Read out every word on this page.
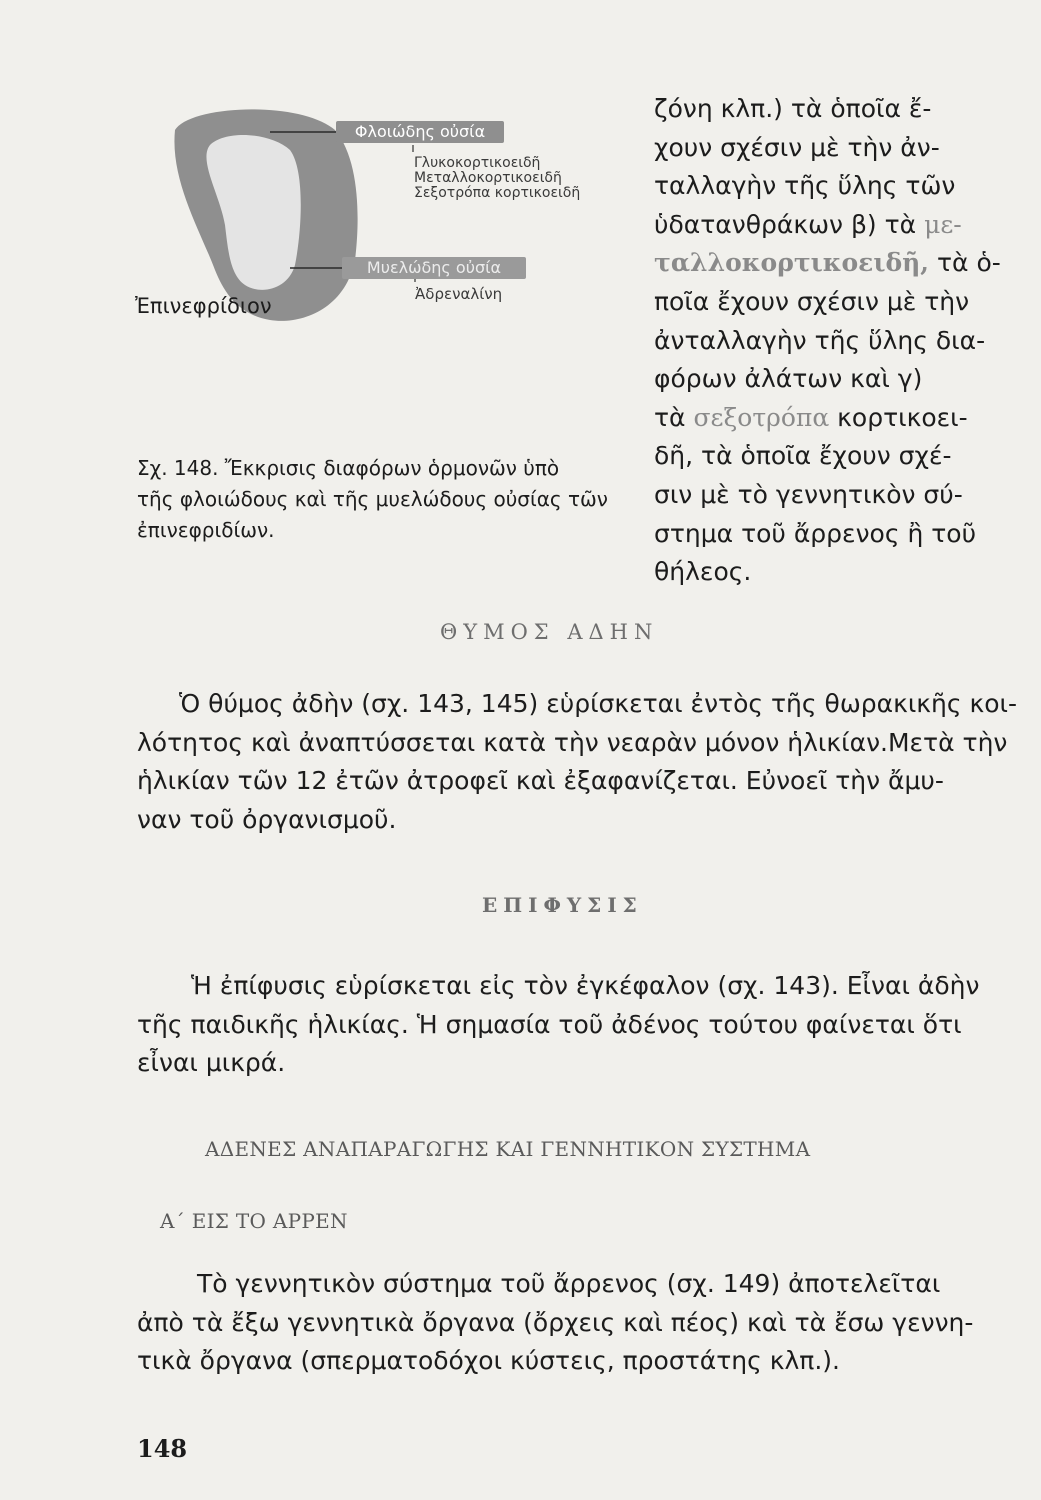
Φλοιώδης οὐσία
Γλυκοκορτικοειδῆ
Μεταλλοκορτικοειδῆ
Σεξοτρόπα κορτικοειδῆ
Μυελώδης οὐσία
Ἀδρεναλίνη
Ἐπινεφρίδιον
ζόνη κλπ.) τὰ ὁποῖα ἔ-
χουν σχέσιν μὲ τὴν ἀν-
ταλλαγὴν τῆς ὕλης τῶν
ὑδατανθράκων β) τὰ με-
ταλλοκορτικοειδῆ, τὰ ὁ-
ποῖα ἔχουν σχέσιν μὲ τὴν
ἀνταλλαγὴν τῆς ὕλης δια-
φόρων ἀλάτων καὶ γ)
τὰ σεξοτρόπα κορτικοει-
δῆ, τὰ ὁποῖα ἔχουν σχέ-
σιν μὲ τὸ γεννητικὸν σύ-
στημα τοῦ ἄρρενος ἢ τοῦ
θήλεος.
Σχ. 148. Ἔκκρισις διαφόρων ὁρμονῶν ὑπὸ
τῆς φλοιώδους καὶ τῆς μυελώδους οὐσίας τῶν
ἐπινεφριδίων.
ΘΥΜΟΣ ΑΔΗΝ
Ὁ θύμος ἀδὴν (σχ. 143, 145) εὑρίσκεται ἐντὸς τῆς θωρακικῆς κοι-
λότητος καὶ ἀναπτύσσεται κατὰ τὴν νεαρὰν μόνον ἡλικίαν.Μετὰ τὴν
ἡλικίαν τῶν 12 ἐτῶν ἀτροφεῖ καὶ ἐξαφανίζεται. Εὐνοεῖ τὴν ἄμυ-
ναν τοῦ ὀργανισμοῦ.
ΕΠΙΦΥΣΙΣ
Ἡ ἐπίφυσις εὑρίσκεται εἰς τὸν ἐγκέφαλον (σχ. 143). Εἶναι ἀδὴν
τῆς παιδικῆς ἡλικίας. Ἡ σημασία τοῦ ἀδένος τούτου φαίνεται ὅτι
εἶναι μικρά.
ΑΔΕΝΕΣ ΑΝΑΠΑΡΑΓΩΓΗΣ ΚΑΙ ΓΕΝΝΗΤΙΚΟΝ ΣΥΣΤΗΜΑ
Α΄ ΕΙΣ ΤΟ ΑΡΡΕΝ
Τὸ γεννητικὸν σύστημα τοῦ ἄρρενος (σχ. 149) ἀποτελεῖται
ἀπὸ τὰ ἔξω γεννητικὰ ὄργανα (ὄρχεις καὶ πέος) καὶ τὰ ἔσω γεννη-
τικὰ ὄργανα (σπερματοδόχοι κύστεις, προστάτης κλπ.).
148
